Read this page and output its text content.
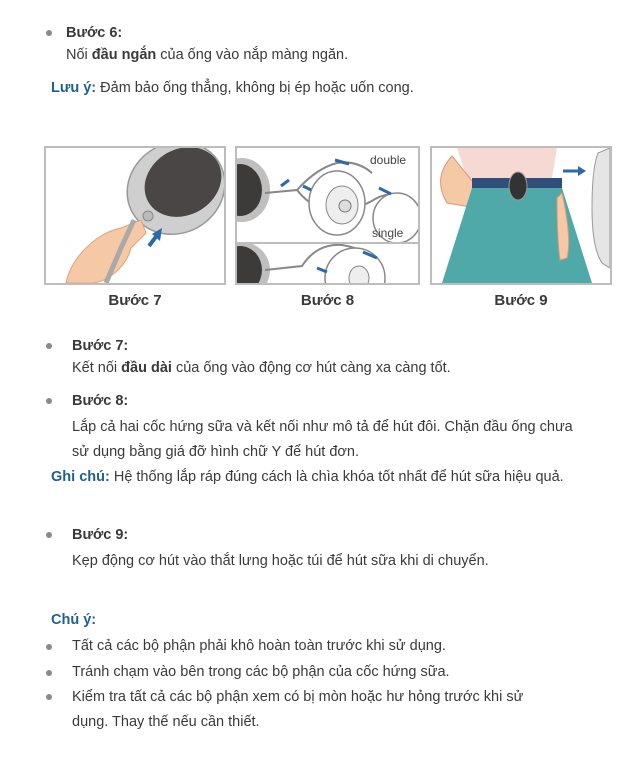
Bước 6:
Nối đầu ngắn của ống vào nắp màng ngăn.
Lưu ý: Đảm bảo ống thẳng, không bị ép hoặc uốn cong.
Bước 7
double
single
Bước 8	Bước 9
Bước 7:
Kết nối đầu dài của ống vào động cơ hút càng xa càng tốt.
Bước 8:
Lắp cả hai cốc hứng sữa và kết nối như mô tả để hút đôi. Chặn đầu ống chưa
sử dụng bằng giá đỡ hình chữ Y để hút đơn.
Ghi chú: Hệ thống lắp ráp đúng cách là chìa khóa tốt nhất để hút sữa hiệu quả.
Bước 9:
Kẹp động cơ hút vào thắt lưng hoặc túi để hút sữa khi di chuyển.
Chú ý:
Tất cả các bộ phận phải khô hoàn toàn trước khi sử dụng.
Tránh chạm vào bên trong các bộ phận của cốc hứng sữa.
Kiểm tra tất cả các bộ phận xem có bị mòn hoặc hư hỏng trước khi sử
dụng. Thay thế nếu cần thiết.
